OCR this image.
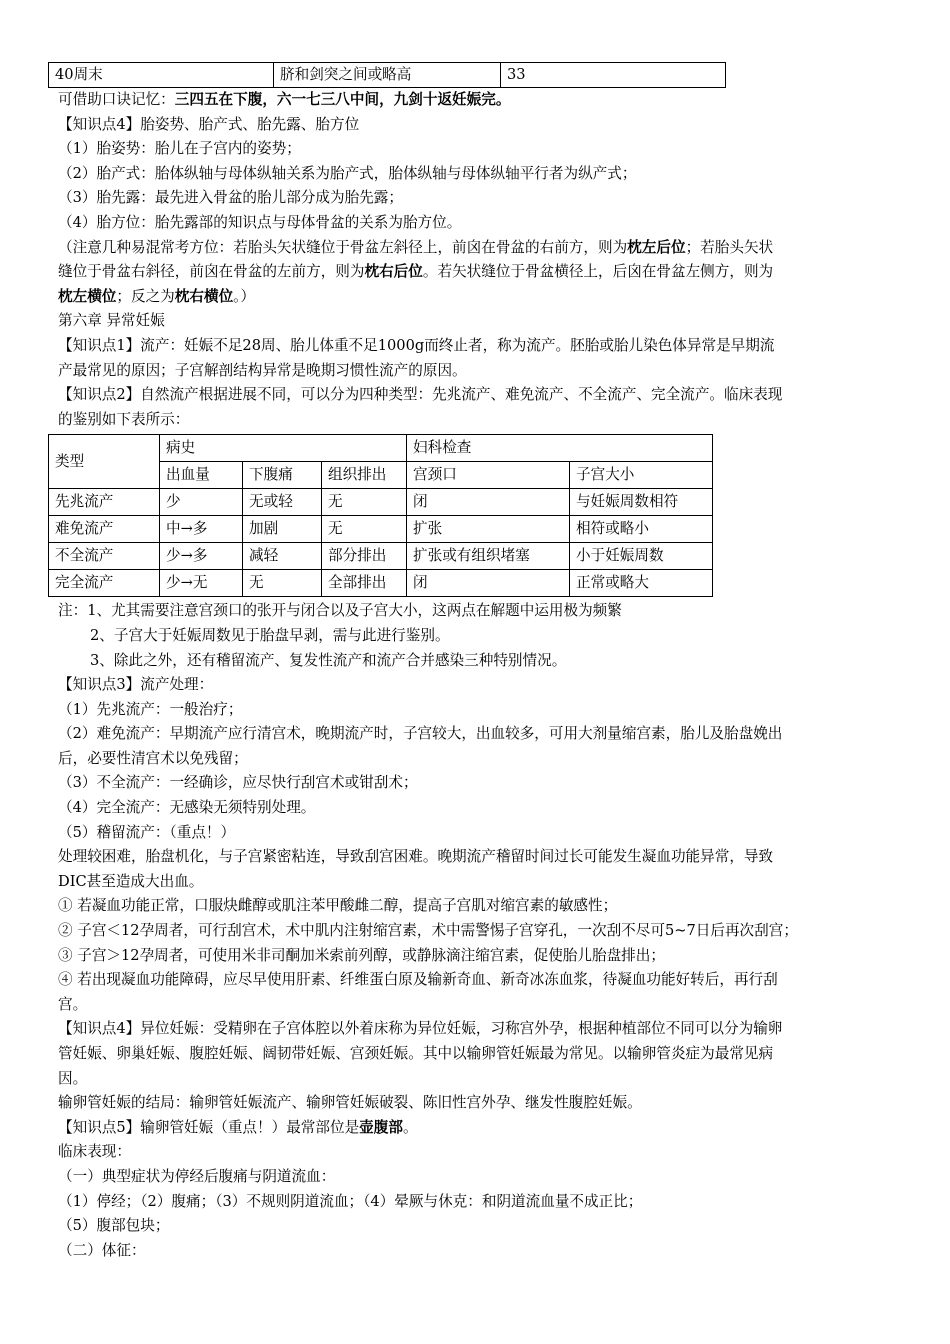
40周末	脐和剑突之间或略高	33
可借助口诀记忆：三四五在下腹，六一七三八中间，九剑十返妊娠完。
【知识点4】胎姿势、胎产式、胎先露、胎方位
（1）胎姿势：胎儿在子宫内的姿势；
（2）胎产式：胎体纵轴与母体纵轴关系为胎产式，胎体纵轴与母体纵轴平行者为纵产式；
（3）胎先露：最先进入骨盆的胎儿部分成为胎先露；
（4）胎方位：胎先露部的知识点与母体骨盆的关系为胎方位。
（注意几种易混常考方位：若胎头矢状缝位于骨盆左斜径上，前囟在骨盆的右前方，则为枕左后位；若胎头矢状
缝位于骨盆右斜径，前囟在骨盆的左前方，则为枕右后位。若矢状缝位于骨盆横径上，后囟在骨盆左侧方，则为
枕左横位；反之为枕右横位。）
第六章 异常妊娠
【知识点1】流产：妊娠不足28周、胎儿体重不足1000g而终止者，称为流产。胚胎或胎儿染色体异常是早期流
产最常见的原因；子宫解剖结构异常是晚期习惯性流产的原因。
【知识点2】自然流产根据进展不同，可以分为四种类型：先兆流产、难免流产、不全流产、完全流产。临床表现
的鉴别如下表所示：
类型	病史			妇科检查	
	出血量	下腹痛	组织排出	宫颈口	子宫大小
先兆流产	少	无或轻	无	闭	与妊娠周数相符
难免流产	中→多	加剧	无	扩张	相符或略小
不全流产	少→多	减轻	部分排出	扩张或有组织堵塞	小于妊娠周数
完全流产	少→无	无	全部排出	闭	正常或略大
注：1、尤其需要注意宫颈口的张开与闭合以及子宫大小，这两点在解题中运用极为频繁
2、子宫大于妊娠周数见于胎盘早剥，需与此进行鉴别。
3、除此之外，还有稽留流产、复发性流产和流产合并感染三种特别情况。
【知识点3】流产处理：
（1）先兆流产：一般治疗；
（2）难免流产：早期流产应行清宫术，晚期流产时，子宫较大，出血较多，可用大剂量缩宫素，胎儿及胎盘娩出
后，必要性清宫术以免残留；
（3）不全流产：一经确诊，应尽快行刮宫术或钳刮术；
（4）完全流产：无感染无须特别处理。
（5）稽留流产：（重点！）
处理较困难，胎盘机化，与子宫紧密粘连，导致刮宫困难。晚期流产稽留时间过长可能发生凝血功能异常，导致
DIC甚至造成大出血。
① 若凝血功能正常，口服炔雌醇或肌注苯甲酸雌二醇，提高子宫肌对缩宫素的敏感性；
② 子宫＜12孕周者，可行刮宫术，术中肌内注射缩宫素，术中需警惕子宫穿孔，一次刮不尽可5~7日后再次刮宫；
③ 子宫＞12孕周者，可使用米非司酮加米索前列醇，或静脉滴注缩宫素，促使胎儿胎盘排出；
④ 若出现凝血功能障碍，应尽早使用肝素、纤维蛋白原及输新奇血、新奇冰冻血浆，待凝血功能好转后，再行刮
宫。
【知识点4】异位妊娠：受精卵在子宫体腔以外着床称为异位妊娠，习称宫外孕，根据种植部位不同可以分为输卵
管妊娠、卵巢妊娠、腹腔妊娠、阔韧带妊娠、宫颈妊娠。其中以输卵管妊娠最为常见。以输卵管炎症为最常见病
因。
输卵管妊娠的结局：输卵管妊娠流产、输卵管妊娠破裂、陈旧性宫外孕、继发性腹腔妊娠。
【知识点5】输卵管妊娠（重点！）最常部位是壶腹部。
临床表现：
（一）典型症状为停经后腹痛与阴道流血：
（1）停经；（2）腹痛；（3）不规则阴道流血；（4）晕厥与休克：和阴道流血量不成正比；
（5）腹部包块；
（二）体征：
